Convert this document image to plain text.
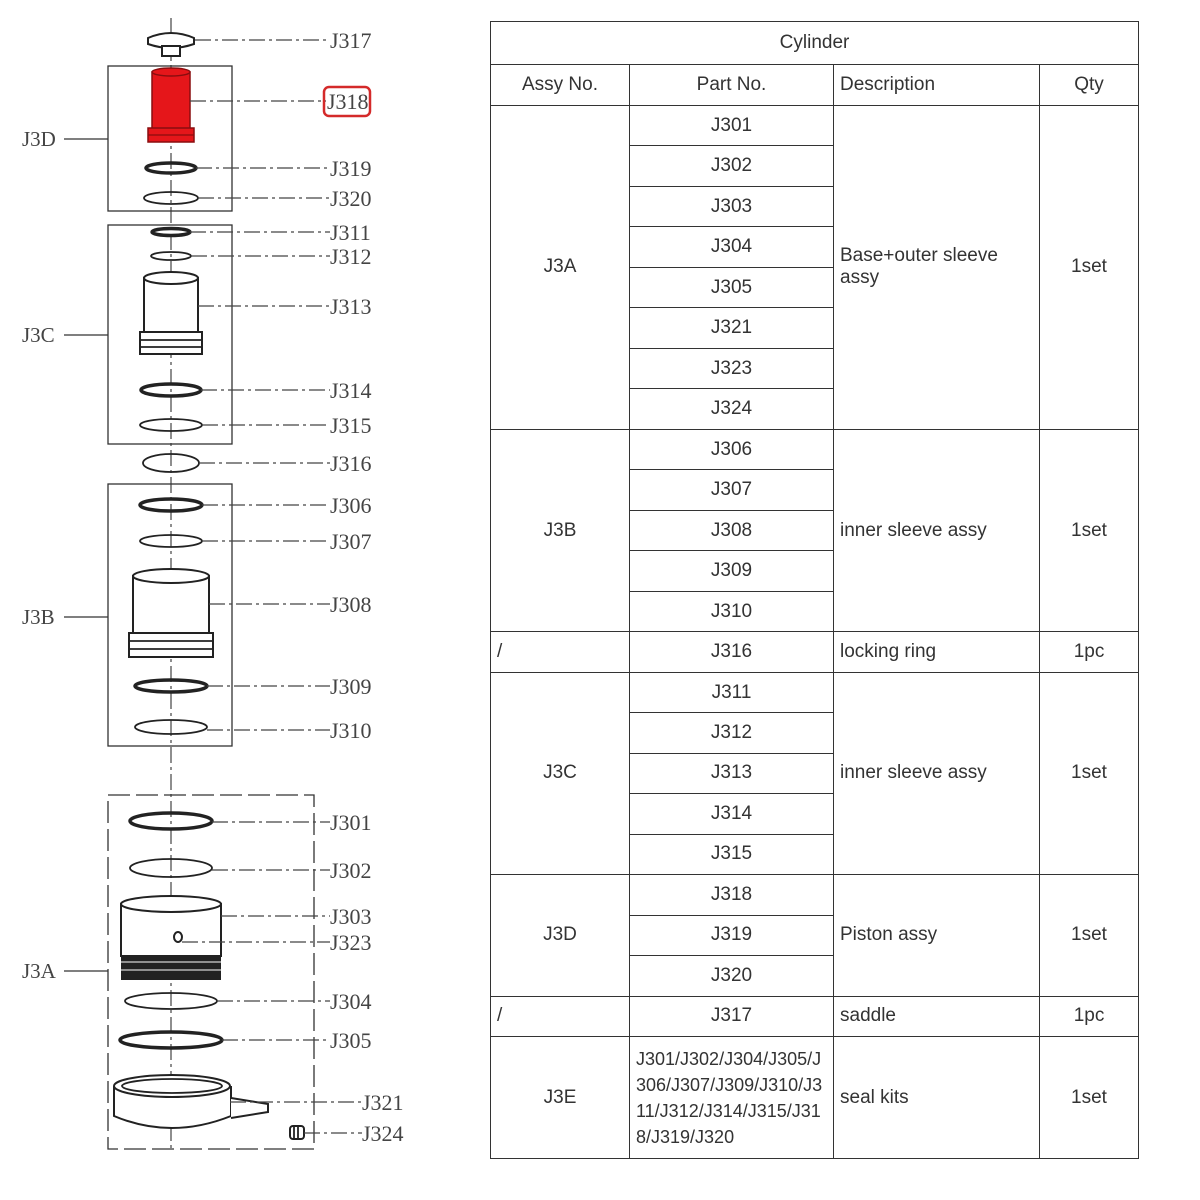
J3D
J3C
J3B
J3A
J317
J318
J319
J320
J311
J312
J313
J314
J315
J316
J306
J307
J308
J309
J310
J301
J302
J303
J323
J304
J305
J321
J324
Cylinder			
Assy No.	Part No.	Description	Qty
J3A	J301	Base+outer sleeve assy	1set
	J302		
	J303		
	J304		
	J305		
	J321		
	J323		
	J324		
J3B	J306	inner sleeve assy	1set
	J307		
	J308		
	J309		
	J310		
/	J316	locking ring	1pc
J3C	J311	inner sleeve assy	1set
	J312		
	J313		
	J314		
	J315		
J3D	J318	Piston assy	1set
	J319		
	J320		
/	J317	saddle	1pc
J3E	J301/J302/J304/J305/J306/J307/J309/J310/J311/J312/J314/J315/J318/J319/J320	seal kits	1set
